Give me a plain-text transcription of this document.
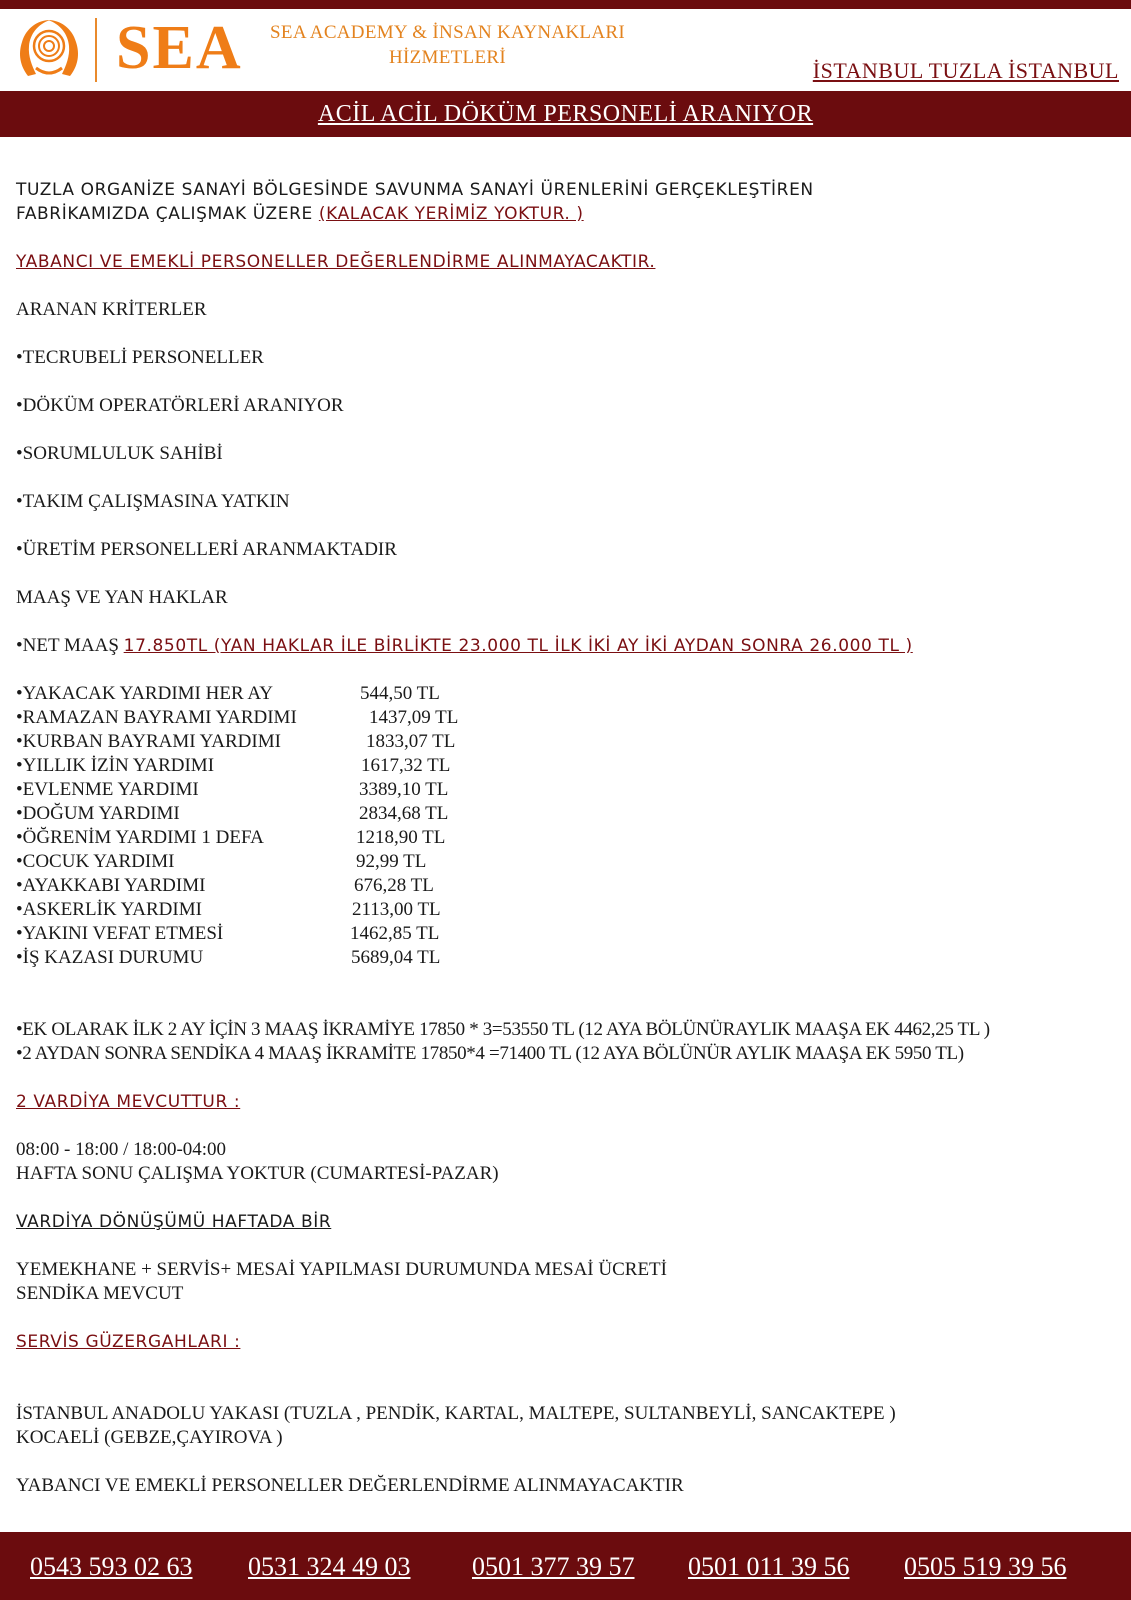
SEA	SEA ACADEMY & İNSAN KAYNAKLARI
HİZMETLERİ
İSTANBUL TUZLA İSTANBUL
ACİL ACİL DÖKÜM PERSONELİ ARANIYOR

TUZLA ORGANİZE SANAYİ BÖLGESİNDE SAVUNMA SANAYİ ÜRENLERİNİ GERÇEKLEŞTİREN

FABRİKAMIZDA ÇALIŞMAK ÜZERE (KALACAK YERİMİZ YOKTUR. )

YABANCI VE EMEKLİ PERSONELLER DEĞERLENDİRME ALINMAYACAKTIR.

ARANAN KRİTERLER

•TECRUBELİ PERSONELLER

•DÖKÜM OPERATÖRLERİ ARANIYOR

•SORUMLULUK SAHİBİ

•TAKIM ÇALIŞMASINA YATKIN

•ÜRETİM PERSONELLERİ ARANMAKTADIR

MAAŞ VE YAN HAKLAR

•NET MAAŞ 17.850TL (YAN HAKLAR İLE BİRLİKTE 23.000 TL İLK İKİ AY İKİ AYDAN SONRA 26.000 TL )

•YAKACAK YARDIMI HER AY	544,50 TL
•RAMAZAN BAYRAMI YARDIMI	1437,09 TL
•KURBAN BAYRAMI YARDIMI	1833,07 TL
•YILLIK İZİN YARDIMI	1617,32 TL
•EVLENME YARDIMI	3389,10 TL
•DOĞUM YARDIMI	2834,68 TL
•ÖĞRENİM YARDIMI 1 DEFA	1218,90 TL
•COCUK YARDIMI	92,99 TL
•AYAKKABI YARDIMI	676,28 TL
•ASKERLİK YARDIMI	2113,00 TL
•YAKINI VEFAT ETMESİ	1462,85 TL
•İŞ KAZASI DURUMU	5689,04 TL

•EK OLARAK İLK 2 AY İÇİN 3 MAAŞ İKRAMİYE 17850 * 3=53550 TL (12 AYA BÖLÜNÜRAYLIK MAAŞA EK 4462,25 TL )

•2 AYDAN SONRA SENDİKA 4 MAAŞ İKRAMİTE 17850*4 =71400 TL (12 AYA BÖLÜNÜR AYLIK MAAŞA EK 5950 TL)

2 VARDİYA MEVCUTTUR :

08:00 - 18:00 / 18:00-04:00

HAFTA SONU ÇALIŞMA YOKTUR (CUMARTESİ-PAZAR)

VARDİYA DÖNÜŞÜMÜ HAFTADA BİR

YEMEKHANE + SERVİS+ MESAİ YAPILMASI DURUMUNDA MESAİ ÜCRETİ

SENDİKA MEVCUT

SERVİS GÜZERGAHLARI :

İSTANBUL ANADOLU YAKASI (TUZLA , PENDİK, KARTAL, MALTEPE, SULTANBEYLİ, SANCAKTEPE )

KOCAELİ (GEBZE,ÇAYIROVA )

YABANCI VE EMEKLİ PERSONELLER DEĞERLENDİRME ALINMAYACAKTIR

0543 593 02 63 0531 324 49 03 0501 377 39 57 0501 011 39 56 0505 519 39 56
